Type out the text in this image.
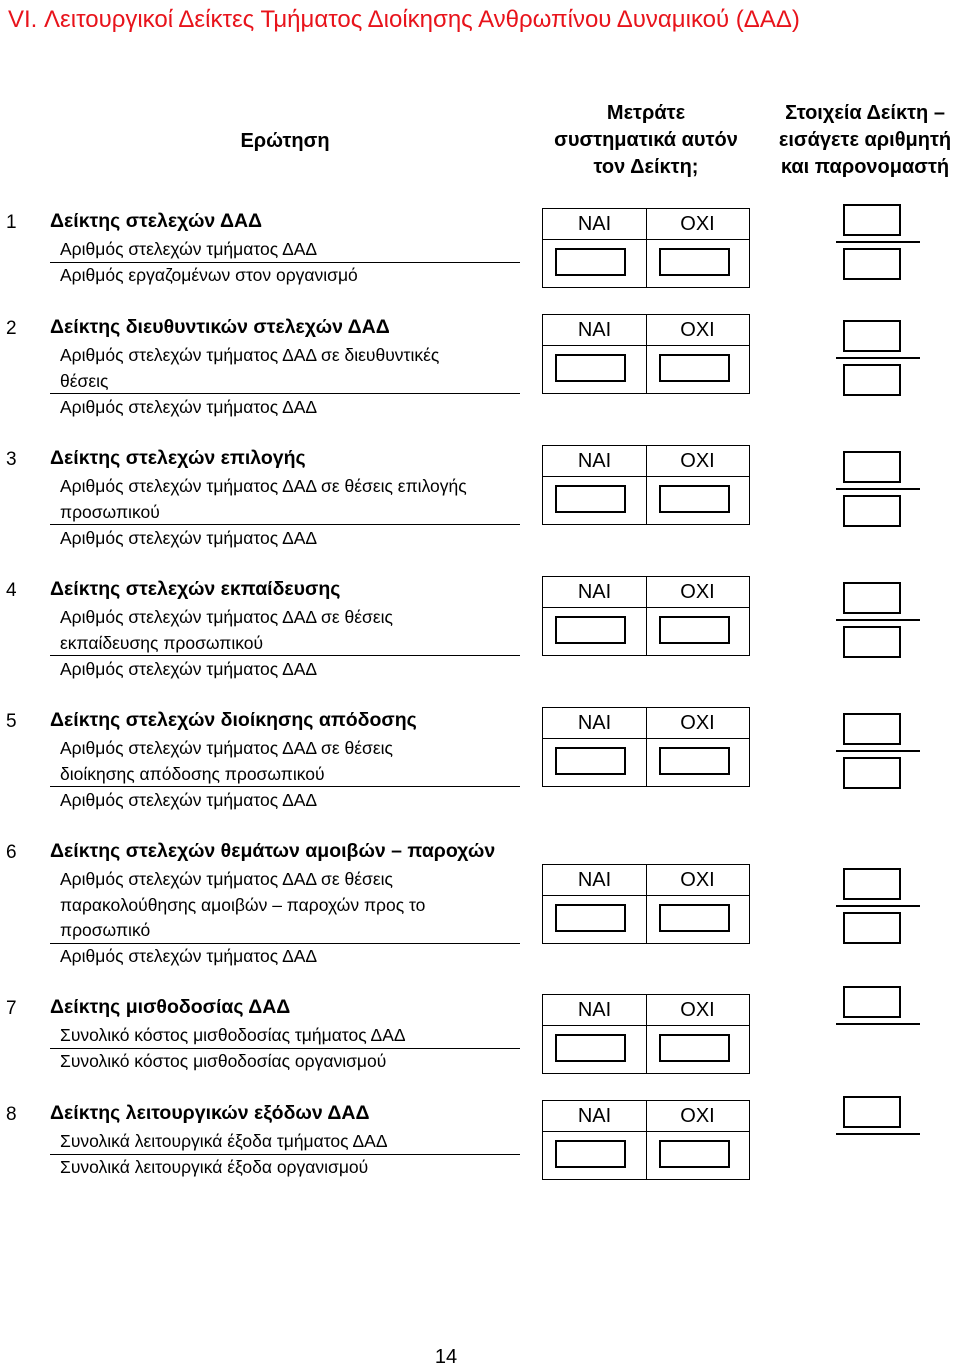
VI. Λειτουργικοί Δείκτες Τμήματος Διοίκησης Ανθρωπίνου Δυναμικού (ΔΑΔ)
Ερώτηση
Μετράτε
συστηματικά αυτόν
τον Δείκτη;
Στοιχεία Δείκτη –
εισάγετε αριθμητή
και παρονομαστή
1 Δείκτης στελεχών ΔΑΔ
Αριθμός στελεχών τμήματος ΔΑΔ
Αριθμός εργαζομένων στον οργανισμό
ΝΑΙ	ΟΧΙ
2 Δείκτης διευθυντικών στελεχών ΔΑΔ
Αριθμός στελεχών τμήματος ΔΑΔ σε διευθυντικές
θέσεις
Αριθμός στελεχών τμήματος ΔΑΔ
ΝΑΙ	ΟΧΙ
3 Δείκτης στελεχών επιλογής
Αριθμός στελεχών τμήματος ΔΑΔ σε θέσεις επιλογής
προσωπικού
Αριθμός στελεχών τμήματος ΔΑΔ
ΝΑΙ	ΟΧΙ
4 Δείκτης στελεχών εκπαίδευσης
Αριθμός στελεχών τμήματος ΔΑΔ σε θέσεις
εκπαίδευσης προσωπικού
Αριθμός στελεχών τμήματος ΔΑΔ
ΝΑΙ	ΟΧΙ
5 Δείκτης στελεχών διοίκησης απόδοσης
Αριθμός στελεχών τμήματος ΔΑΔ σε θέσεις
διοίκησης απόδοσης προσωπικού
Αριθμός στελεχών τμήματος ΔΑΔ
ΝΑΙ	ΟΧΙ
6 Δείκτης στελεχών θεμάτων αμοιβών – παροχών
Αριθμός στελεχών τμήματος ΔΑΔ σε θέσεις
παρακολούθησης αμοιβών – παροχών προς το
προσωπικό
Αριθμός στελεχών τμήματος ΔΑΔ
ΝΑΙ	ΟΧΙ
7 Δείκτης μισθοδοσίας ΔΑΔ
Συνολικό κόστος μισθοδοσίας τμήματος ΔΑΔ
Συνολικό κόστος μισθοδοσίας οργανισμού
ΝΑΙ	ΟΧΙ
8 Δείκτης λειτουργικών εξόδων ΔΑΔ
Συνολικά λειτουργικά έξοδα τμήματος ΔΑΔ
Συνολικά λειτουργικά έξοδα οργανισμού
ΝΑΙ	ΟΧΙ
14
